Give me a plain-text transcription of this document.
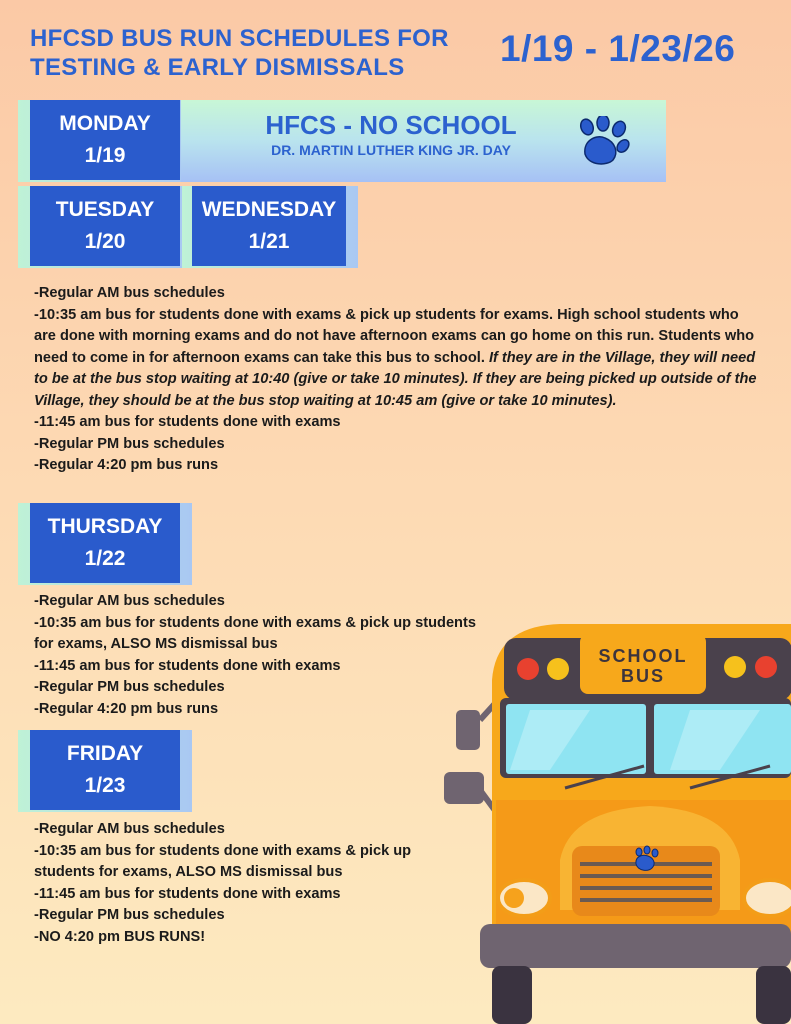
HFCSD BUS RUN SCHEDULES FOR TESTING & EARLY DISMISSALS	1/19 - 1/23/26
MONDAY
1/19
HFCS - NO SCHOOL
DR. MARTIN LUTHER KING JR. DAY
TUESDAY
1/20
WEDNESDAY
1/21
-Regular AM bus schedules
-10:35 am bus for students done with exams & pick up students for exams. High school students who are done with morning exams and do not have afternoon exams can go home on this run. Students who need to come in for afternoon exams can take this bus to school. If they are in the Village, they will need to be at the bus stop waiting at 10:40 (give or take 10 minutes). If they are being picked up outside of the Village, they should be at the bus stop waiting at 10:45 am (give or take 10 minutes).
-11:45 am bus for students done with exams
-Regular PM bus schedules
-Regular 4:20 pm bus runs
THURSDAY
1/22
-Regular AM bus schedules
-10:35 am bus for students done with exams & pick up students
for exams, ALSO MS dismissal bus
-11:45 am bus for students done with exams
-Regular PM bus schedules
-Regular 4:20 pm bus runs
FRIDAY
1/23
-Regular AM bus schedules
-10:35 am bus for students done with exams & pick up
students for exams, ALSO MS dismissal bus
-11:45 am bus for students done with exams
-Regular PM bus schedules
-NO 4:20 pm BUS RUNS!
SCHOOL
BUS
